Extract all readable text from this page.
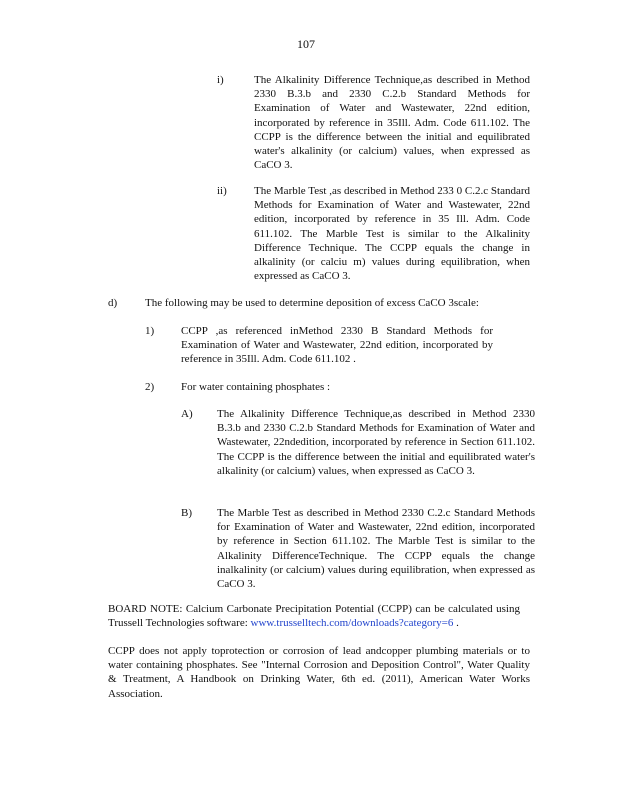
107
i)	The Alkalinity Difference Technique,as described in Method 2330 B.3.b and 2330 C.2.b Standard Methods for Examination of Water and Wastewater, 22nd edition, incorporated by reference in 35Ill. Adm. Code 611.102. The CCPP is the difference between the initial and equilibrated water's alkalinity (or calcium) values, when expressed as CaCO 3.
ii) The Marble Test ,as described in Method 233 0 C.2.c Standard Methods for Examination of Water and Wastewater, 22nd edition, incorporated by reference in 35 Ill. Adm. Code 611.102. The Marble Test is similar to the Alkalinity Difference Technique. The CCPP equals the change in alkalinity (or calciu m) values during equilibration, when expressed as CaCO 3.
d)	The following may be used to determine deposition of excess CaCO 3scale:
1) CCPP ,as referenced inMethod 2330 B Standard Methods for Examination of Water and Wastewater, 22nd edition, incorporated by reference in 35Ill. Adm. Code 611.102 .
2) For water containing phosphates :
A) The Alkalinity Difference Technique,as described in Method 2330 B.3.b and 2330 C.2.b Standard Methods for Examination of Water and Wastewater, 22ndedition, incorporated by reference in Section 611.102. The CCPP is the difference between the initial and equilibrated water's alkalinity (or calcium) values, when expressed as CaCO 3.
B) The Marble Test as described in Method 2330 C.2.c Standard Methods for Examination of Water and Wastewater, 22nd edition, incorporated by reference in Section 611.102. The Marble Test is similar to the Alkalinity DifferenceTechnique. The CCPP equals the change inalkalinity (or calcium) values during equilibration, when expressed as CaCO 3.
BOARD NOTE: Calcium Carbonate Precipitation Potential (CCPP) can be calculated using Trussell Technologies software: www.trusselltech.com/downloads?category=6 .
CCPP does not apply toprotection or corrosion of lead andcopper plumbing materials or to water containing phosphates. See "Internal Corrosion and Deposition Control", Water Quality & Treatment, A Handbook on Drinking Water, 6th ed. (2011), American Water Works Association.
